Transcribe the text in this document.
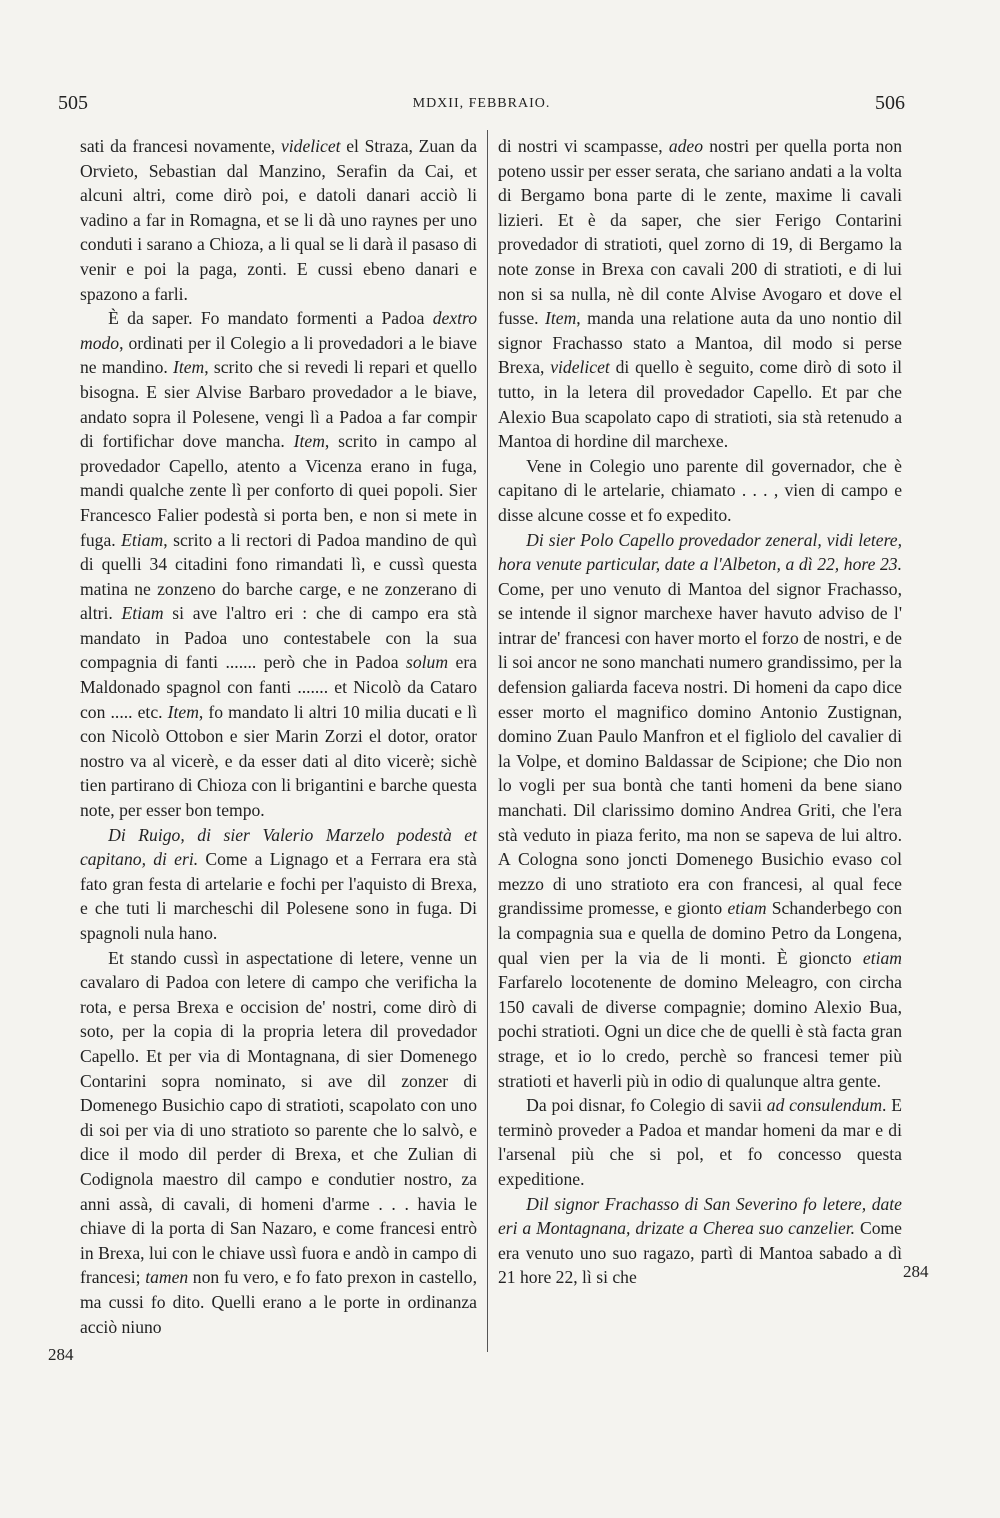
505	MDXII, FEBBRAIO.	506
284
284

sati da francesi novamente, videlicet el Straza, Zuan da Orvieto, Sebastian dal Manzino, Serafin da Cai, et alcuni altri, come dirò poi, e datoli danari acciò li vadino a far in Romagna, et se li dà uno raynes per uno conduti i sarano a Chioza, a li qual se li darà il pasaso di venir e poi la paga, zonti. E cussi ebeno danari e spazono a farli.

È da saper. Fo mandato formenti a Padoa dextro modo, ordinati per il Colegio a li provedadori a le biave ne mandino. Item, scrito che si revedi li repari et quello bisogna. E sier Alvise Barbaro provedador a le biave, andato sopra il Polesene, vengi lì a Padoa a far compir di fortifichar dove mancha. Item, scrito in campo al provedador Capello, atento a Vicenza erano in fuga, mandi qualche zente lì per conforto di quei popoli. Sier Francesco Falier podestà si porta ben, e non si mete in fuga. Etiam, scrito a li rectori di Padoa mandino de quì di quelli 34 citadini fono rimandati lì, e cussì questa matina ne zonzeno do barche carge, e ne zonzerano di altri. Etiam si ave l'altro eri : che di campo era stà mandato in Padoa uno contestabele con la sua compagnia di fanti ....... però che in Padoa solum era Maldonado spagnol con fanti ....... et Nicolò da Cataro con ..... etc. Item, fo mandato li altri 10 milia ducati e lì con Nicolò Ottobon e sier Marin Zorzi el dotor, orator nostro va al vicerè, e da esser dati al dito vicerè; sichè tien partirano di Chioza con li brigantini e barche questa note, per esser bon tempo.

Di Ruigo, di sier Valerio Marzelo podestà et capitano, di eri. Come a Lignago et a Ferrara era stà fato gran festa di artelarie e fochi per l'aquisto di Brexa, e che tuti li marcheschi dil Polesene sono in fuga. Di spagnoli nula hano.

Et stando cussì in aspectatione di letere, venne un cavalaro di Padoa con letere di campo che verificha la rota, e persa Brexa e occision de' nostri, come dirò di soto, per la copia di la propria letera dil provedador Capello. Et per via di Montagnana, di sier Domenego Contarini sopra nominato, si ave dil zonzer di Domenego Busichio capo di stratioti, scapolato con uno di soi per via di uno stratioto so parente che lo salvò, e dice il modo dil perder di Brexa, et che Zulian di Codignola maestro dil campo e condutier nostro, za anni assà, di cavali, di homeni d'arme . . . havia le chiave di la porta di San Nazaro, e come francesi entrò in Brexa, lui con le chiave ussì fuora e andò in campo di francesi; tamen non fu vero, e fo fato prexon in castello, ma cussi fo dito. Quelli erano a le porte in ordinanza acciò niuno

di nostri vi scampasse, adeo nostri per quella porta non poteno ussir per esser serata, che sariano andati a la volta di Bergamo bona parte di le zente, maxime li cavali lizieri. Et è da saper, che sier Ferigo Contarini provedador di stratioti, quel zorno di 19, di Bergamo la note zonse in Brexa con cavali 200 di stratioti, e di lui non si sa nulla, nè dil conte Alvise Avogaro et dove el fusse. Item, manda una relatione auta da uno nontio dil signor Frachasso stato a Mantoa, dil modo si perse Brexa, videlicet di quello è seguito, come dirò di soto il tutto, in la letera dil provedador Capello. Et par che Alexio Bua scapolato capo di stratioti, sia stà retenudo a Mantoa di hordine dil marchexe.

Vene in Colegio uno parente dil governador, che è capitano di le artelarie, chiamato . . . , vien di campo e disse alcune cosse et fo expedito.

Di sier Polo Capello provedador zeneral, vidi letere, hora venute particular, date a l'Albeton, a dì 22, hore 23. Come, per uno venuto di Mantoa del signor Frachasso, se intende il signor marchexe haver havuto adviso de l' intrar de' francesi con haver morto el forzo de nostri, e de li soi ancor ne sono manchati numero grandissimo, per la defension galiarda faceva nostri. Di homeni da capo dice esser morto el magnifico domino Antonio Zustignan, domino Zuan Paulo Manfron et el figliolo del cavalier di la Volpe, et domino Baldassar de Scipione; che Dio non lo vogli per sua bontà che tanti homeni da bene siano manchati. Dil clarissimo domino Andrea Griti, che l'era stà veduto in piaza ferito, ma non se sapeva de lui altro. A Cologna sono joncti Domenego Busichio evaso col mezzo di uno stratioto era con francesi, al qual fece grandissime promesse, e gionto etiam Schanderbego con la compagnia sua e quella de domino Petro da Longena, qual vien per la via de li monti. È gioncto etiam Farfarelo locotenente de domino Meleagro, con circha 150 cavali de diverse compagnie; domino Alexio Bua, pochi stratioti. Ogni un dice che de quelli è stà facta gran strage, et io lo credo, perchè so francesi temer più stratioti et haverli più in odio di qualunque altra gente.

Da poi disnar, fo Colegio di savii ad consulendum. E terminò proveder a Padoa et mandar homeni da mar e di l'arsenal più che si pol, et fo concesso questa expeditione.

Dil signor Frachasso di San Severino fo letere, date eri a Montagnana, drizate a Cherea suo canzelier. Come era venuto uno suo ragazo, partì di Mantoa sabado a dì 21 hore 22, lì si che
